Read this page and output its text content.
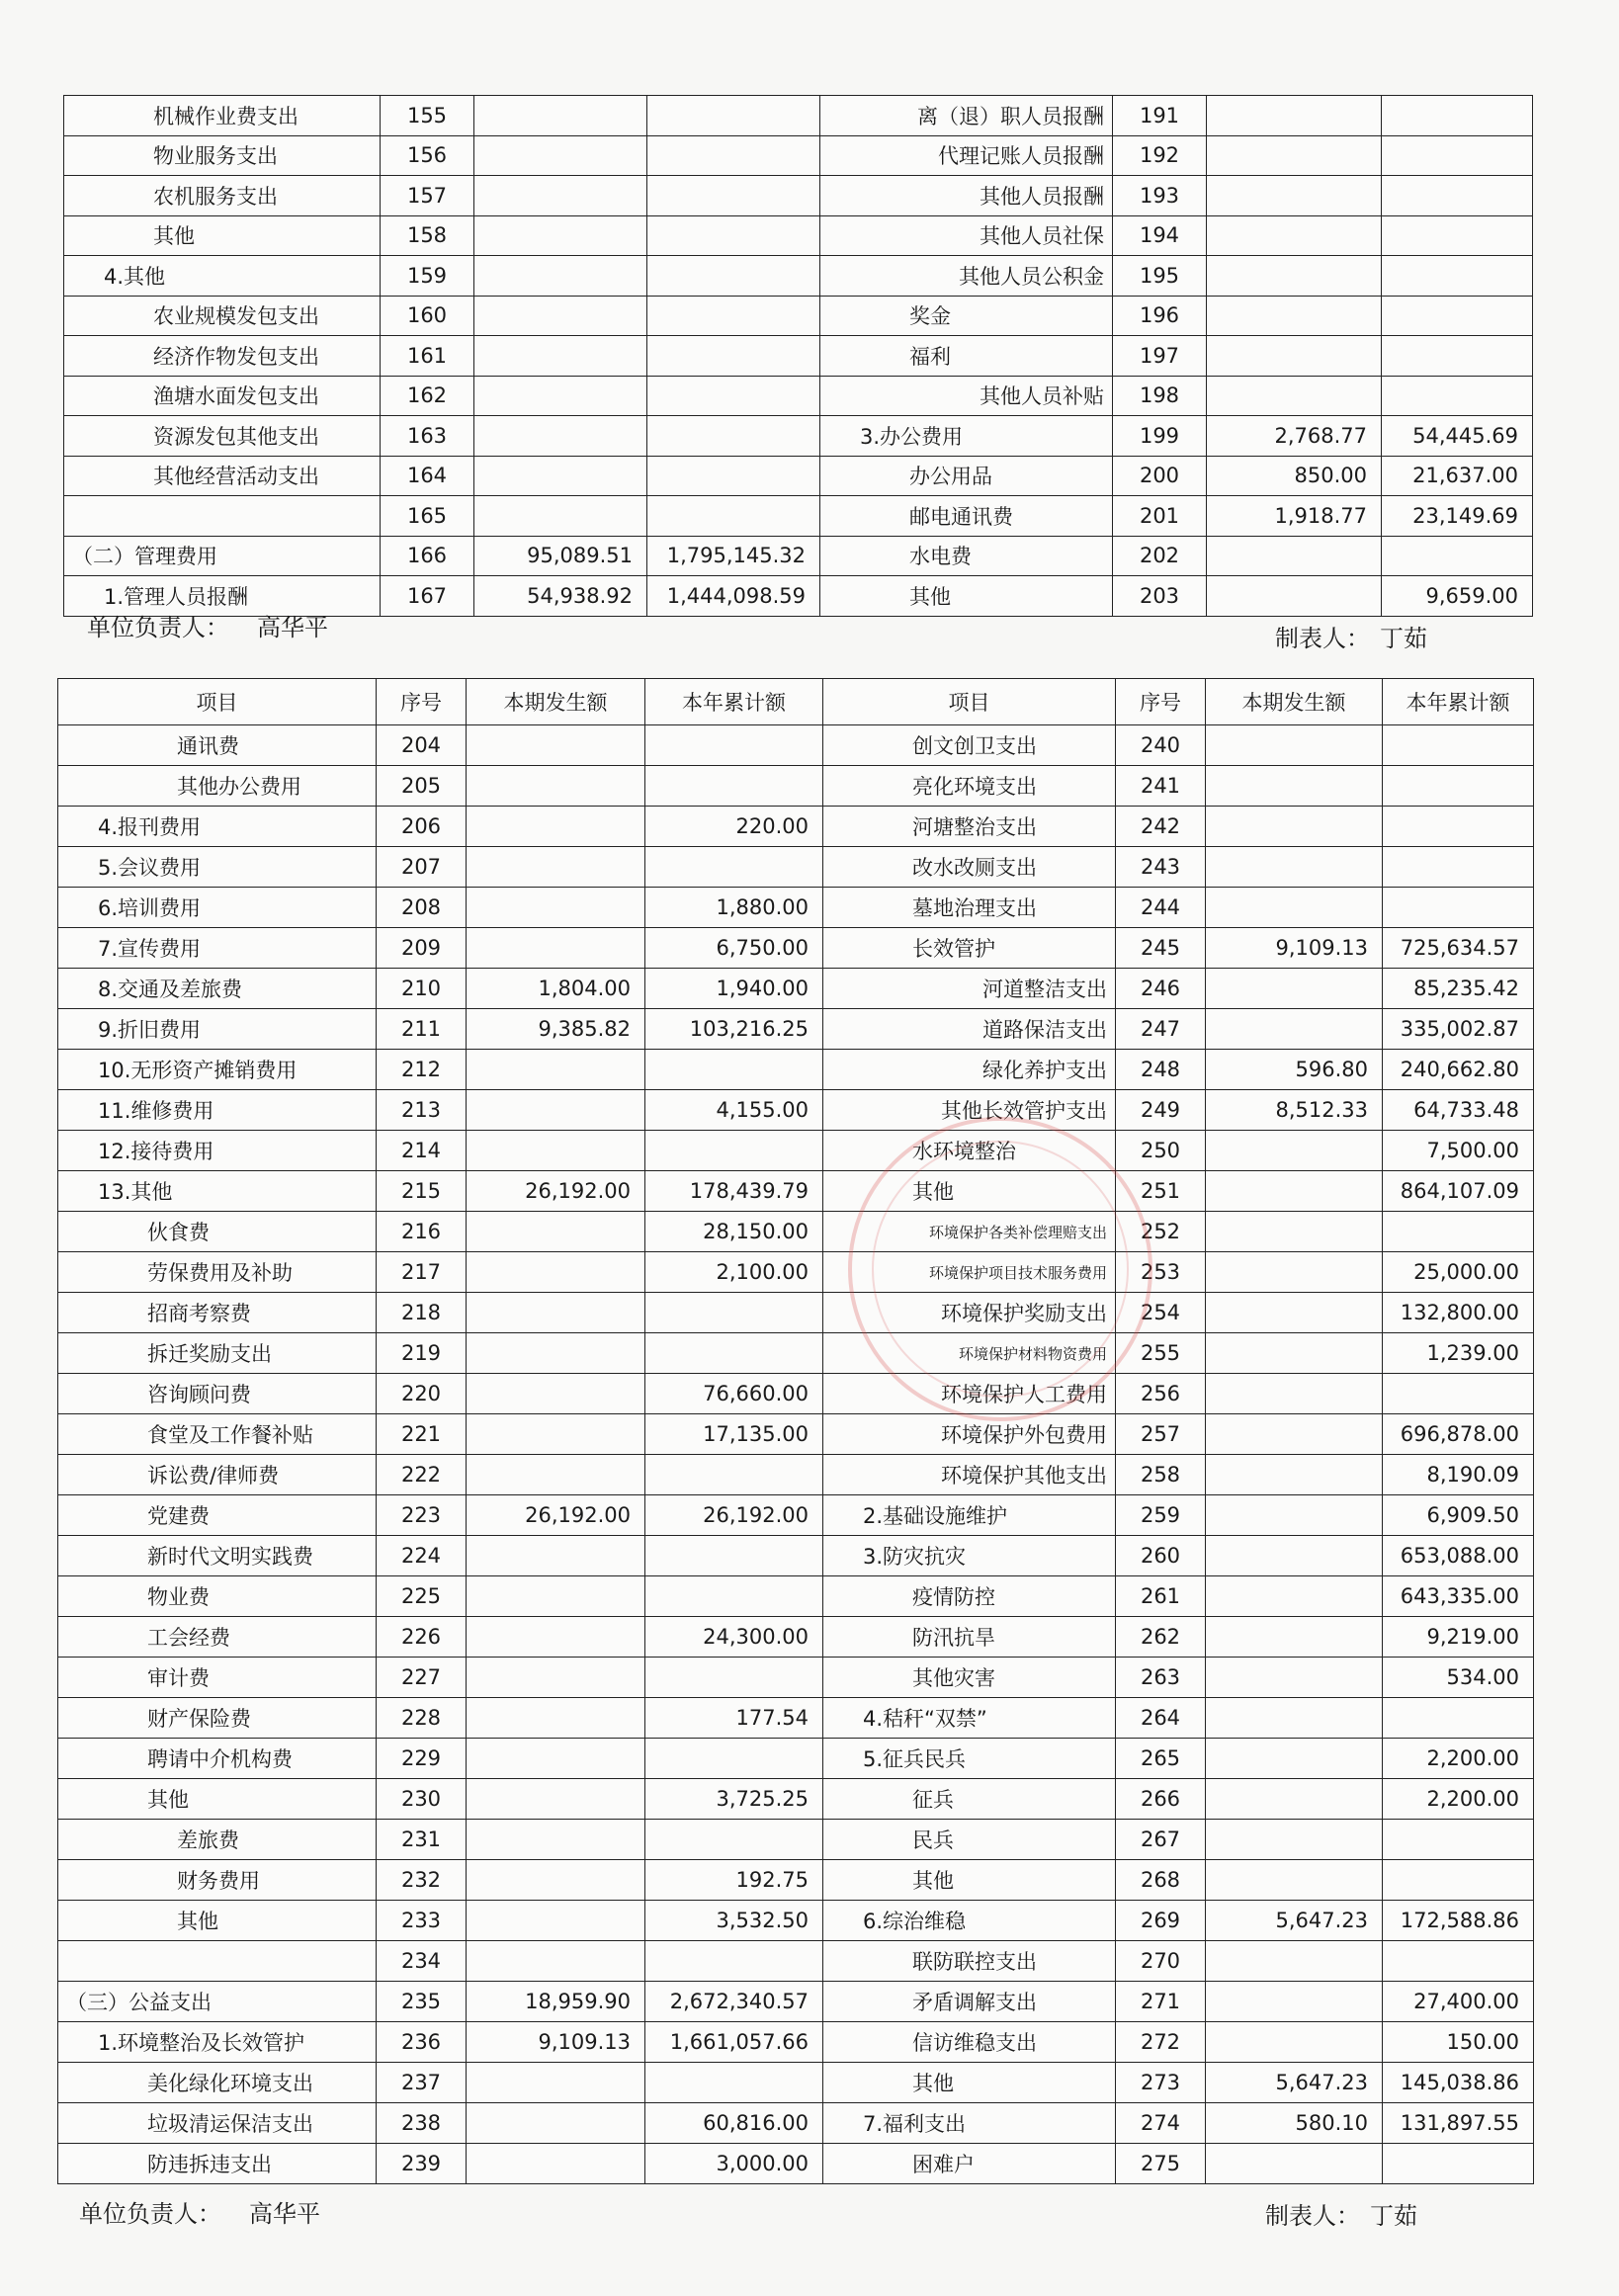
机械作业费支出	155			离（退）职人员报酬	191		
物业服务支出	156			代理记账人员报酬	192		
农机服务支出	157			其他人员报酬	193		
其他	158			其他人员社保	194		
4.其他	159			其他人员公积金	195		
农业规模发包支出	160			奖金	196		
经济作物发包支出	161			福利	197		
渔塘水面发包支出	162			其他人员补贴	198		
资源发包其他支出	163			3.办公费用	199	2,768.77	54,445.69
其他经营活动支出	164			办公用品	200	850.00	21,637.00
	165			邮电通讯费	201	1,918.77	23,149.69
（二）管理费用	166	95,089.51	1,795,145.32	水电费	202		
1.管理人员报酬	167	54,938.92	1,444,098.59	其他	203		9,659.00
单位负责人： 高华平	制表人： 丁茹
项目	序号	本期发生额	本年累计额	项目	序号	本期发生额	本年累计额
通讯费	204			创文创卫支出	240		
其他办公费用	205			亮化环境支出	241		
4.报刊费用	206		220.00	河塘整治支出	242		
5.会议费用	207			改水改厕支出	243		
6.培训费用	208		1,880.00	墓地治理支出	244		
7.宣传费用	209		6,750.00	长效管护	245	9,109.13	725,634.57
8.交通及差旅费	210	1,804.00	1,940.00	河道整洁支出	246		85,235.42
9.折旧费用	211	9,385.82	103,216.25	道路保洁支出	247		335,002.87
10.无形资产摊销费用	212			绿化养护支出	248	596.80	240,662.80
11.维修费用	213		4,155.00	其他长效管护支出	249	8,512.33	64,733.48
12.接待费用	214			水环境整治	250		7,500.00
13.其他	215	26,192.00	178,439.79	其他	251		864,107.09
伙食费	216		28,150.00	环境保护各类补偿理赔支出	252		
劳保费用及补助	217		2,100.00	环境保护项目技术服务费用	253		25,000.00
招商考察费	218			环境保护奖励支出	254		132,800.00
拆迁奖励支出	219			环境保护材料物资费用	255		1,239.00
咨询顾问费	220		76,660.00	环境保护人工费用	256		
食堂及工作餐补贴	221		17,135.00	环境保护外包费用	257		696,878.00
诉讼费/律师费	222			环境保护其他支出	258		8,190.09
党建费	223	26,192.00	26,192.00	2.基础设施维护	259		6,909.50
新时代文明实践费	224			3.防灾抗灾	260		653,088.00
物业费	225			疫情防控	261		643,335.00
工会经费	226		24,300.00	防汛抗旱	262		9,219.00
审计费	227			其他灾害	263		534.00
财产保险费	228		177.54	4.秸秆“双禁”	264		
聘请中介机构费	229			5.征兵民兵	265		2,200.00
其他	230		3,725.25	征兵	266		2,200.00
差旅费	231			民兵	267		
财务费用	232		192.75	其他	268		
其他	233		3,532.50	6.综治维稳	269	5,647.23	172,588.86
	234			联防联控支出	270		
（三）公益支出	235	18,959.90	2,672,340.57	矛盾调解支出	271		27,400.00
1.环境整治及长效管护	236	9,109.13	1,661,057.66	信访维稳支出	272		150.00
美化绿化环境支出	237			其他	273	5,647.23	145,038.86
垃圾清运保洁支出	238		60,816.00	7.福利支出	274	580.10	131,897.55
防违拆违支出	239		3,000.00	困难户	275		
单位负责人： 高华平	制表人： 丁茹
